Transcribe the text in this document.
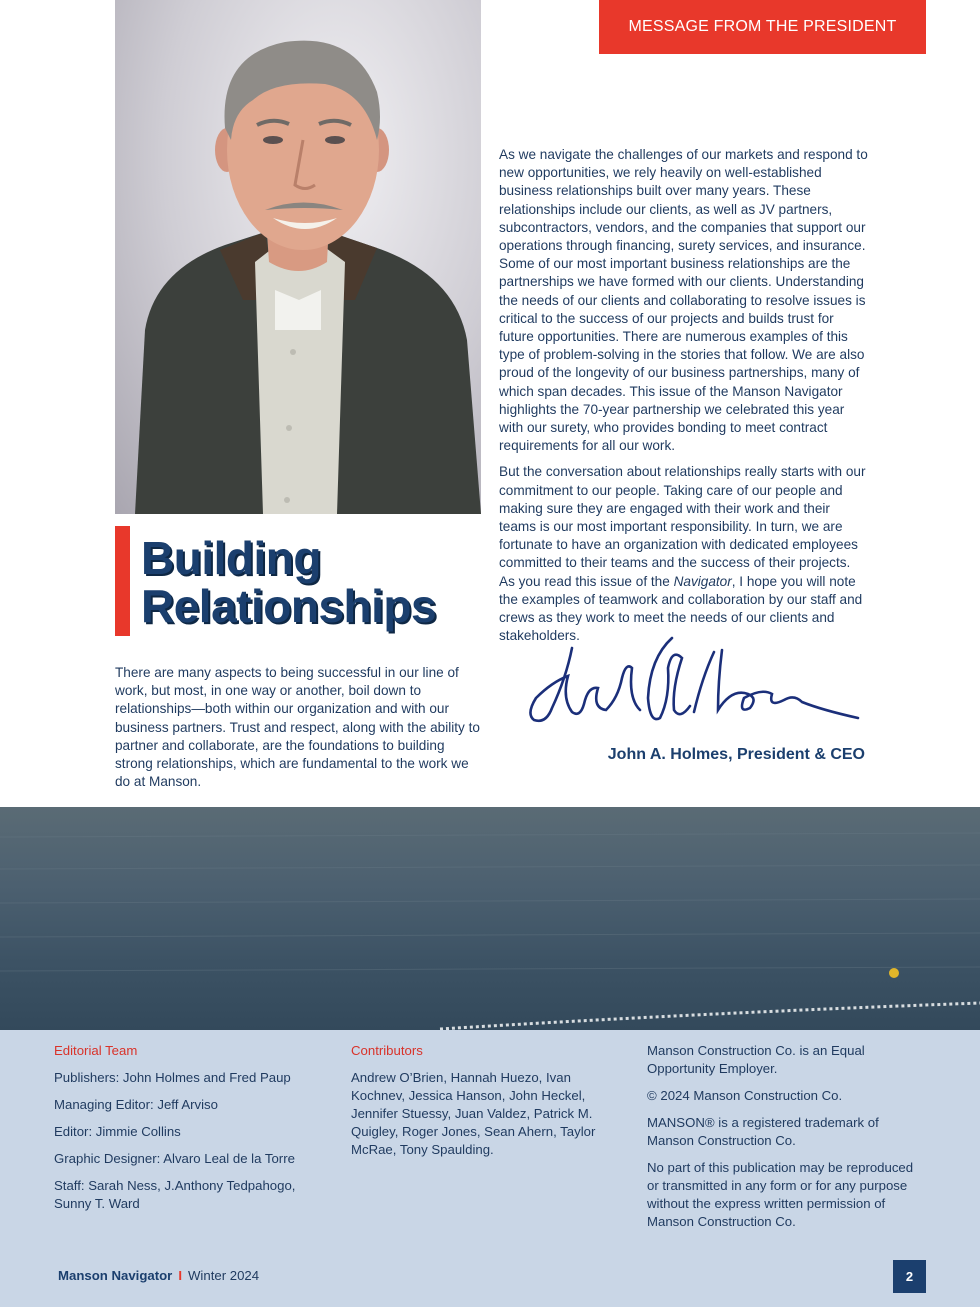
MESSAGE FROM THE PRESIDENT
Building
Relationships
There are many aspects to being successful in our line of work, but most, in one way or another, boil down to relationships—both within our organization and with our business partners. Trust and respect, along with the ability to partner and collaborate, are the foundations to building strong relationships, which are fundamental to the work we do at Manson.

As we navigate the challenges of our markets and respond to new opportunities, we rely heavily on well-established business relationships built over many years. These relationships include our clients, as well as JV partners, subcontractors, vendors, and the companies that support our operations through financing, surety services, and insurance. Some of our most important business relationships are the partnerships we have formed with our clients. Understanding the needs of our clients and collaborating to resolve issues is critical to the success of our projects and builds trust for future opportunities. There are numerous examples of this type of problem-solving in the stories that follow. We are also proud of the longevity of our business partnerships, many of which span decades. This issue of the Manson Navigator highlights the 70-year partnership we celebrated this year with our surety, who provides bonding to meet contract requirements for all our work.

But the conversation about relationships really starts with our commitment to our people. Taking care of our people and making sure they are engaged with their work and their teams is our most important responsibility. In turn, we are fortunate to have an organization with dedicated employees committed to their teams and the success of their projects. As you read this issue of the Navigator, I hope you will note the examples of teamwork and collaboration by our staff and crews as they work to meet the needs of our clients and stakeholders.

John A. Holmes, President & CEO

Editorial Team

Publishers: John Holmes and Fred Paup

Managing Editor: Jeff Arviso

Editor: Jimmie Collins

Graphic Designer: Alvaro Leal de la Torre

Staff: Sarah Ness, J.Anthony Tedpahogo, Sunny T. Ward

Contributors

Andrew O’Brien, Hannah Huezo, Ivan Kochnev, Jessica Hanson, John Heckel, Jennifer Stuessy, Juan Valdez, Patrick M. Quigley, Roger Jones, Sean Ahern, Taylor McRae, Tony Spaulding.

Manson Construction Co. is an Equal Opportunity Employer.

© 2024 Manson Construction Co.

MANSON® is a registered trademark of Manson Construction Co.

No part of this publication may be reproduced or transmitted in any form or for any purpose without the express written permission of Manson Construction Co.

Manson Navigator I Winter 2024	2
